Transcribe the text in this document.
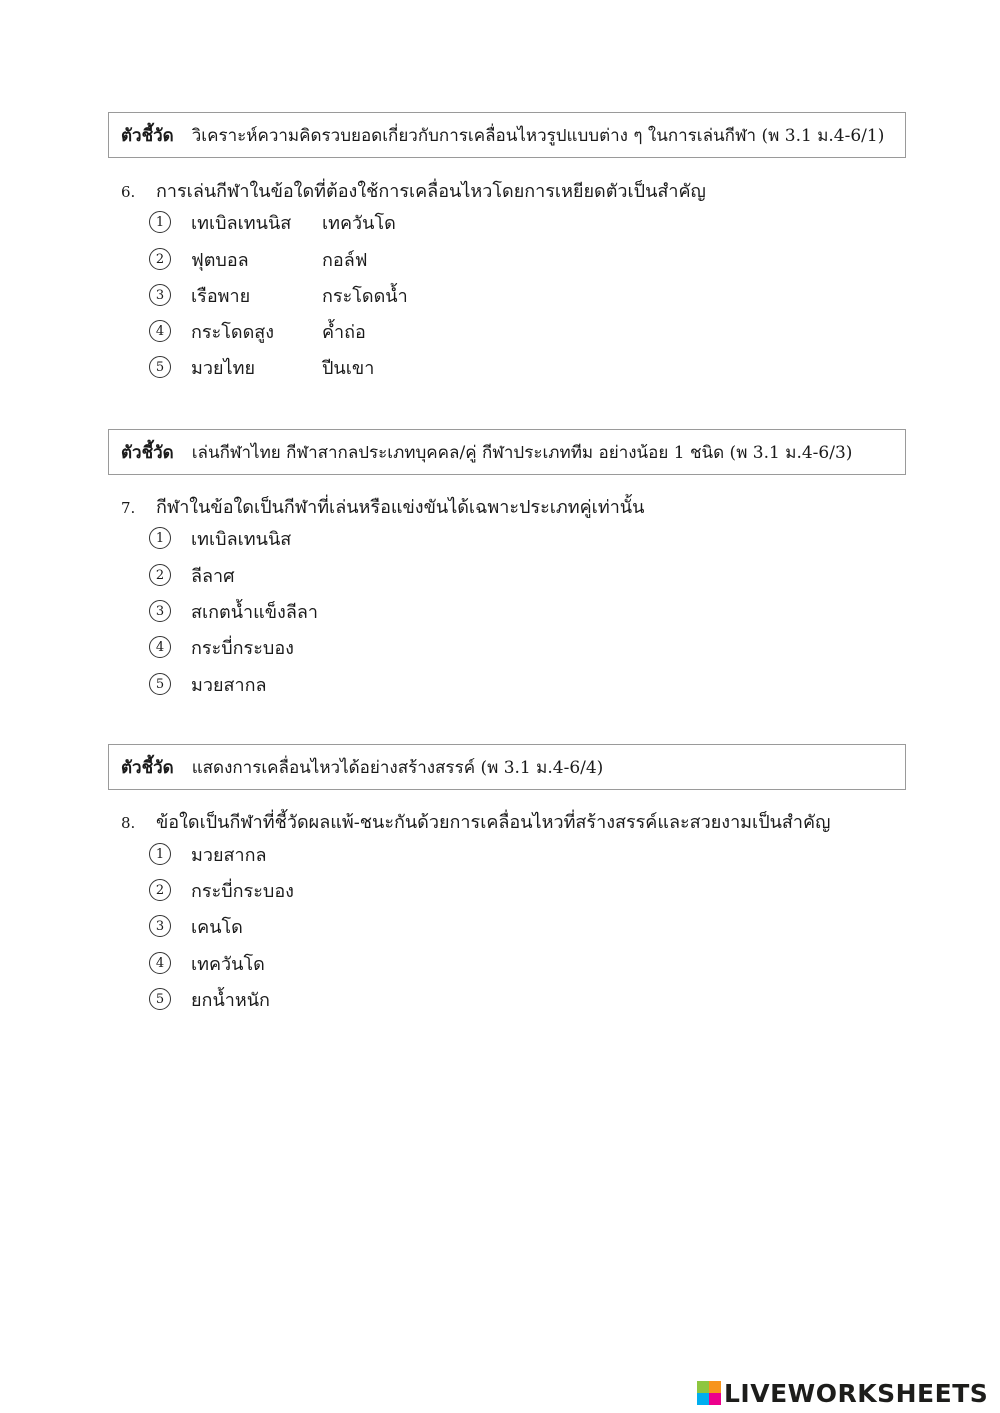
ตัวชี้วัด วิเคราะห์ความคิดรวบยอดเกี่ยวกับการเคลื่อนไหวรูปแบบต่าง ๆ ในการเล่นกีฬา (พ 3.1 ม.4-6/1)
6. การเล่นกีฬาในข้อใดที่ต้องใช้การเคลื่อนไหวโดยการเหยียดตัวเป็นสำคัญ
1	เทเบิลเทนนิส	เทควันโด
2	ฟุตบอล	กอล์ฟ
3	เรือพาย	กระโดดน้ำ
4	กระโดดสูง	ค้ำถ่อ
5	มวยไทย	ปีนเขา
ตัวชี้วัด เล่นกีฬาไทย กีฬาสากลประเภทบุคคล/คู่ กีฬาประเภททีม อย่างน้อย 1 ชนิด (พ 3.1 ม.4-6/3)
7. กีฬาในข้อใดเป็นกีฬาที่เล่นหรือแข่งขันได้เฉพาะประเภทคู่เท่านั้น
1	เทเบิลเทนนิส
2	ลีลาศ
3	สเกตน้ำแข็งลีลา
4	กระบี่กระบอง
5	มวยสากล
ตัวชี้วัด แสดงการเคลื่อนไหวได้อย่างสร้างสรรค์ (พ 3.1 ม.4-6/4)
8. ข้อใดเป็นกีฬาที่ชี้วัดผลแพ้-ชนะกันด้วยการเคลื่อนไหวที่สร้างสรรค์และสวยงามเป็นสำคัญ
1	มวยสากล
2	กระบี่กระบอง
3	เคนโด
4	เทควันโด
5	ยกน้ำหนัก
LIVEWORKSHEETS
